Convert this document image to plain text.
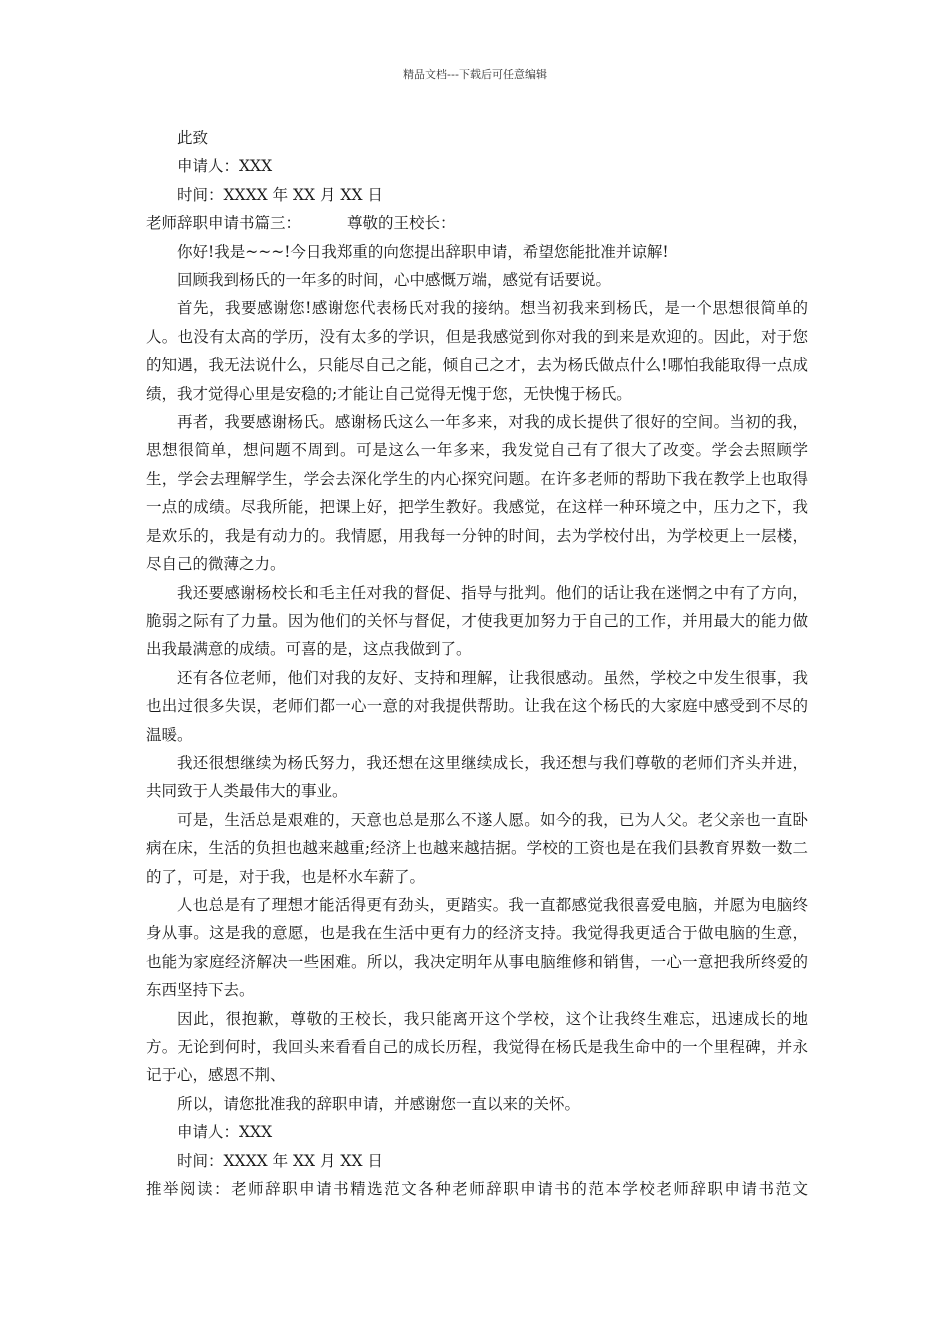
精品文档---下载后可任意编辑

此致

申请人：XXX

时间：XXXX 年 XX 月 XX 日

老师辞职申请书篇三：	尊敬的王校长：

你好!我是~~~!今日我郑重的向您提出辞职申请，希望您能批准并谅解!

回顾我到杨氏的一年多的时间，心中感慨万端，感觉有话要说。

首先，我要感谢您!感谢您代表杨氏对我的接纳。想当初我来到杨氏，是一个思想很简单的人。也没有太高的学历，没有太多的学识，但是我感觉到你对我的到来是欢迎的。因此，对于您的知遇，我无法说什么，只能尽自己之能，倾自己之才，去为杨氏做点什么!哪怕我能取得一点成绩，我才觉得心里是安稳的;才能让自己觉得无愧于您，无快愧于杨氏。

再者，我要感谢杨氏。感谢杨氏这么一年多来，对我的成长提供了很好的空间。当初的我，思想很简单，想问题不周到。可是这么一年多来，我发觉自己有了很大了改变。学会去照顾学生，学会去理解学生，学会去深化学生的内心探究问题。在许多老师的帮助下我在教学上也取得一点的成绩。尽我所能，把课上好，把学生教好。我感觉，在这样一种环境之中，压力之下，我是欢乐的，我是有动力的。我情愿，用我每一分钟的时间，去为学校付出，为学校更上一层楼，尽自己的微薄之力。

我还要感谢杨校长和毛主任对我的督促、指导与批判。他们的话让我在迷惘之中有了方向，脆弱之际有了力量。因为他们的关怀与督促，才使我更加努力于自己的工作，并用最大的能力做出我最满意的成绩。可喜的是，这点我做到了。

还有各位老师，他们对我的友好、支持和理解，让我很感动。虽然，学校之中发生很事，我也出过很多失误，老师们都一心一意的对我提供帮助。让我在这个杨氏的大家庭中感受到不尽的温暖。

我还很想继续为杨氏努力，我还想在这里继续成长，我还想与我们尊敬的老师们齐头并进，共同致于人类最伟大的事业。

可是，生活总是艰难的，天意也总是那么不遂人愿。如今的我，已为人父。老父亲也一直卧病在床，生活的负担也越来越重;经济上也越来越拮据。学校的工资也是在我们县教育界数一数二的了，可是，对于我，也是杯水车薪了。

人也总是有了理想才能活得更有劲头，更踏实。我一直都感觉我很喜爱电脑，并愿为电脑终身从事。这是我的意愿，也是我在生活中更有力的经济支持。我觉得我更适合于做电脑的生意，也能为家庭经济解决一些困难。所以，我决定明年从事电脑维修和销售，一心一意把我所终爱的东西坚持下去。

因此，很抱歉，尊敬的王校长，我只能离开这个学校，这个让我终生难忘，迅速成长的地方。无论到何时，我回头来看看自己的成长历程，我觉得在杨氏是我生命中的一个里程碑，并永记于心，感恩不荆、

所以，请您批准我的辞职申请，并感谢您一直以来的关怀。

申请人：XXX

时间：XXXX 年 XX 月 XX 日

推举阅读：老师辞职申请书精选范文各种老师辞职申请书的范本学校老师辞职申请书范文
